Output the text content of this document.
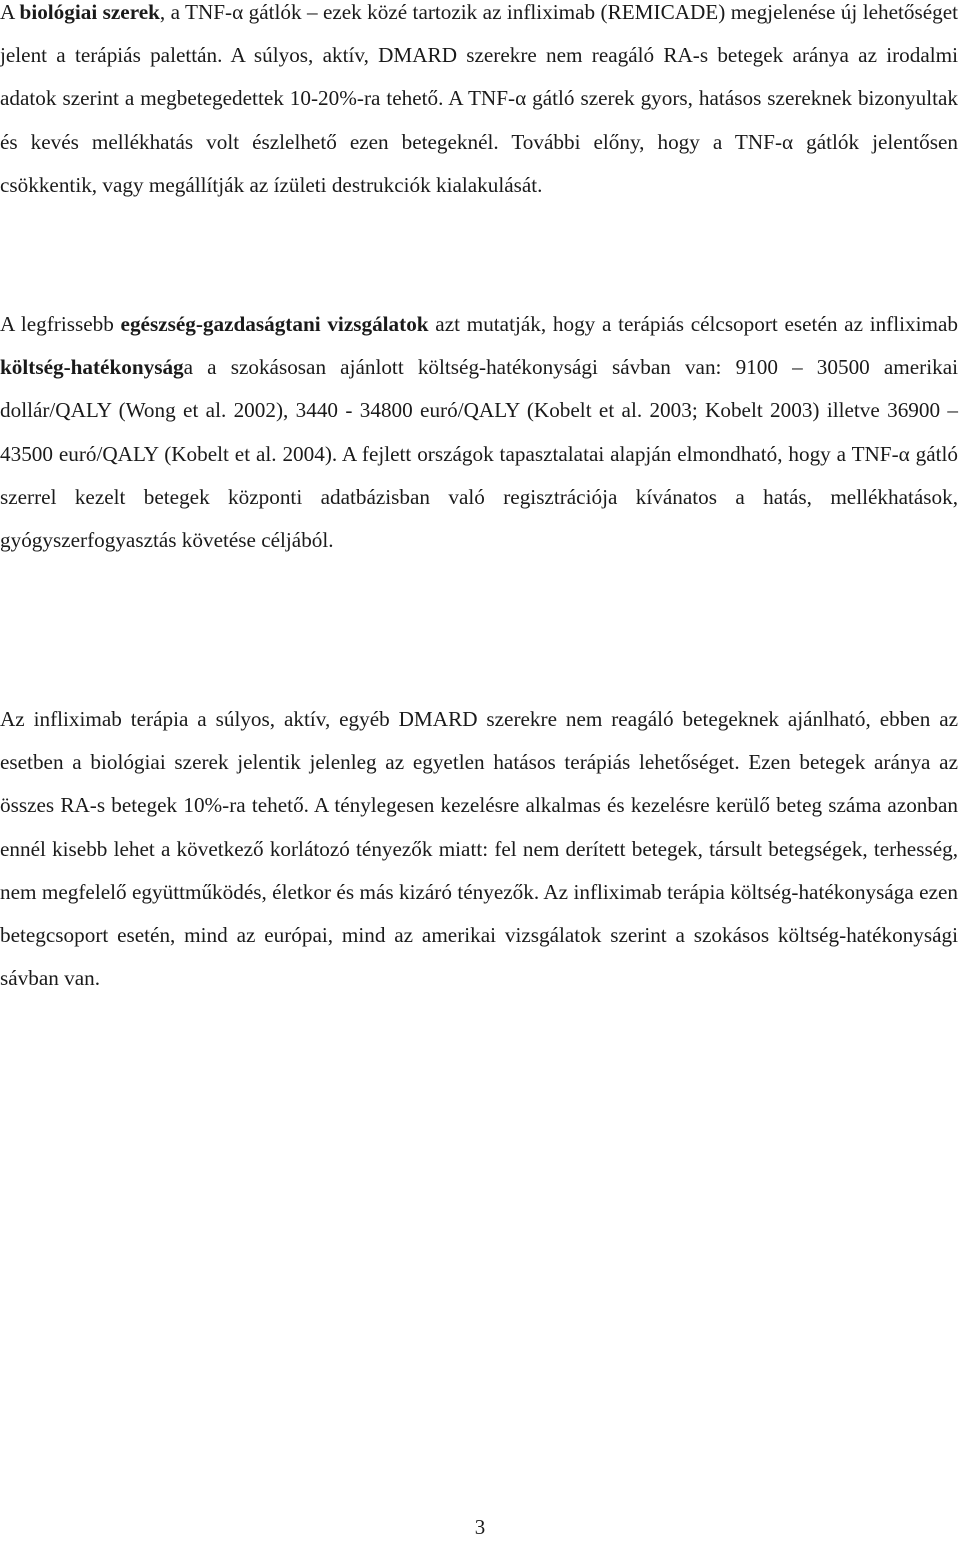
A biológiai szerek, a TNF-α gátlók – ezek közé tartozik az infliximab (REMICADE) megjelenése új lehetőséget jelent a terápiás palettán. A súlyos, aktív, DMARD szerekre nem reagáló RA-s betegek aránya az irodalmi adatok szerint a megbetegedettek 10-20%-ra tehető. A TNF-α gátló szerek gyors, hatásos szereknek bizonyultak és kevés mellékhatás volt észlelhető ezen betegeknél. További előny, hogy a TNF-α gátlók jelentősen csökkentik, vagy megállítják az ízületi destrukciók kialakulását.

A legfrissebb egészség-gazdaságtani vizsgálatok azt mutatják, hogy a terápiás célcsoport esetén az infliximab költség-hatékonysága a szokásosan ajánlott költség-hatékonysági sávban van: 9100 – 30500 amerikai dollár/QALY (Wong et al. 2002), 3440 - 34800 euró/QALY (Kobelt et al. 2003; Kobelt 2003) illetve 36900 – 43500 euró/QALY (Kobelt et al. 2004). A fejlett országok tapasztalatai alapján elmondható, hogy a TNF-α gátló szerrel kezelt betegek központi adatbázisban való regisztrációja kívánatos a hatás, mellékhatások, gyógyszerfogyasztás követése céljából.

Az infliximab terápia a súlyos, aktív, egyéb DMARD szerekre nem reagáló betegeknek ajánlható, ebben az esetben a biológiai szerek jelentik jelenleg az egyetlen hatásos terápiás lehetőséget. Ezen betegek aránya az összes RA-s betegek 10%-ra tehető. A ténylegesen kezelésre alkalmas és kezelésre kerülő beteg száma azonban ennél kisebb lehet a következő korlátozó tényezők miatt: fel nem derített betegek, társult betegségek, terhesség, nem megfelelő együttműködés, életkor és más kizáró tényezők. Az infliximab terápia költség-hatékonysága ezen betegcsoport esetén, mind az európai, mind az amerikai vizsgálatok szerint a szokásos költség-hatékonysági sávban van.

3
